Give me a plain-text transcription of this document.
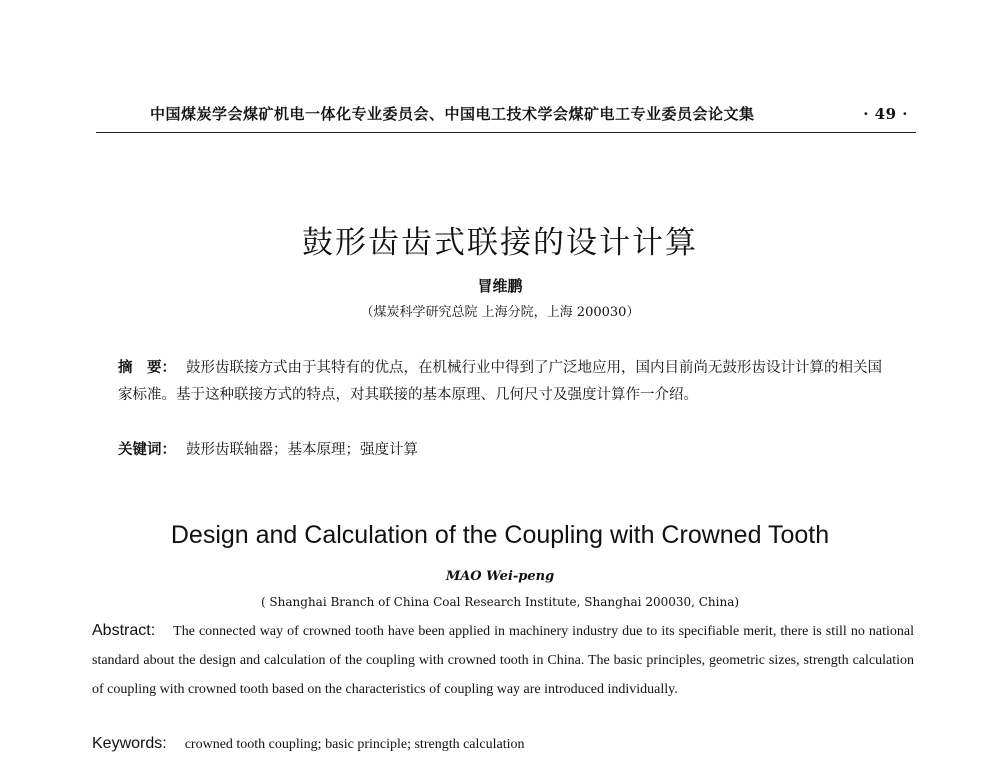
中国煤炭学会煤矿机电一体化专业委员会、中国电工技术学会煤矿电工专业委员会论文集	· 49 ·
鼓形齿齿式联接的设计计算
冒维鹏
（煤炭科学研究总院 上海分院，上海 200030）

摘　要： 鼓形齿联接方式由于其特有的优点，在机械行业中得到了广泛地应用，国内目前尚无鼓形齿设计计算的相关国家标准。基于这种联接方式的特点，对其联接的基本原理、几何尺寸及强度计算作一介绍。

关键词： 鼓形齿联轴器；基本原理；强度计算

Design and Calculation of the Coupling with Crowned Tooth
MAO Wei-peng
( Shanghai Branch of China Coal Research Institute, Shanghai 200030, China)

Abstract: The connected way of crowned tooth have been applied in machinery industry due to its specifiable merit, there is still no national standard about the design and calculation of the coupling with crowned tooth in China. The basic principles, geometric sizes, strength calculation of coupling with crowned tooth based on the characteristics of coupling way are introduced individually.

Keywords: crowned tooth coupling; basic principle; strength calculation
